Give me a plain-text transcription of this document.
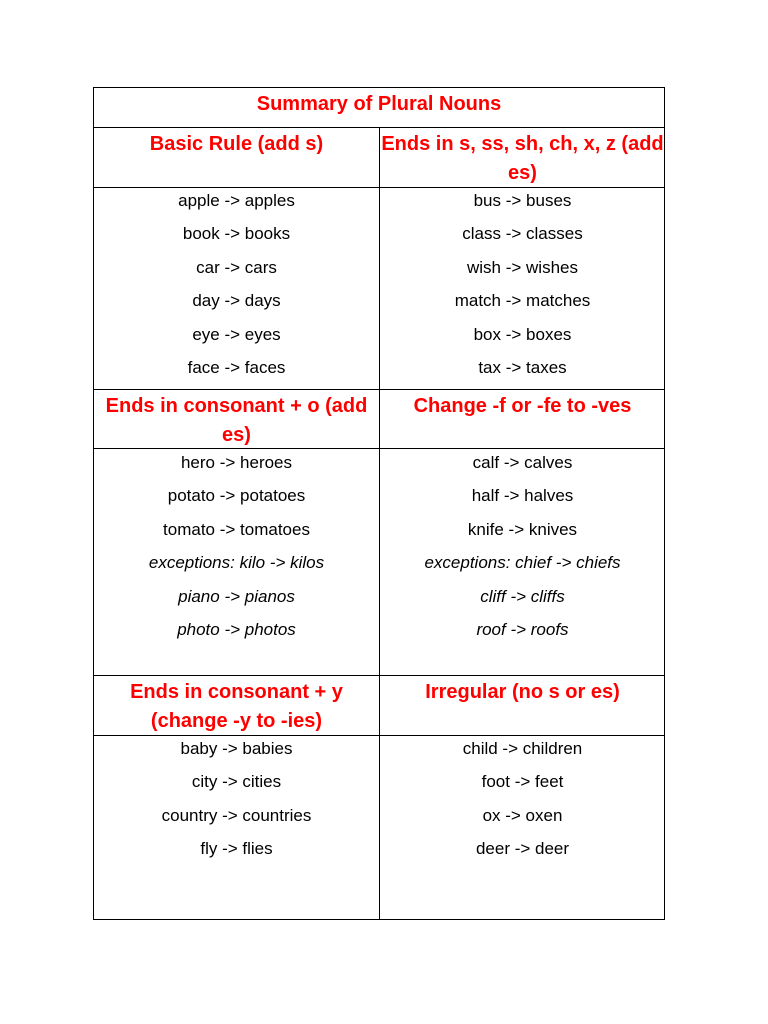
Summary of Plural Nouns
Basic Rule (add s)	Ends in s, ss, sh, ch, x, z (add es)
apple -> apples
book -> books
car -> cars
day -> days
eye -> eyes
face -> faces
bus -> buses
class -> classes
wish -> wishes
match -> matches
box -> boxes
tax -> taxes
Ends in consonant + o (add es)
Change -f or -fe to -ves
hero -> heroes
potato -> potatoes
tomato -> tomatoes
exceptions: kilo -> kilos
piano -> pianos
photo -> photos
calf -> calves
half -> halves
knife -> knives
exceptions: chief -> chiefs
cliff -> cliffs
roof -> roofs
Ends in consonant + y (change -y to -ies)
Irregular (no s or es)
baby -> babies
city -> cities
country -> countries
fly -> flies
child -> children
foot -> feet
ox -> oxen
deer -> deer
